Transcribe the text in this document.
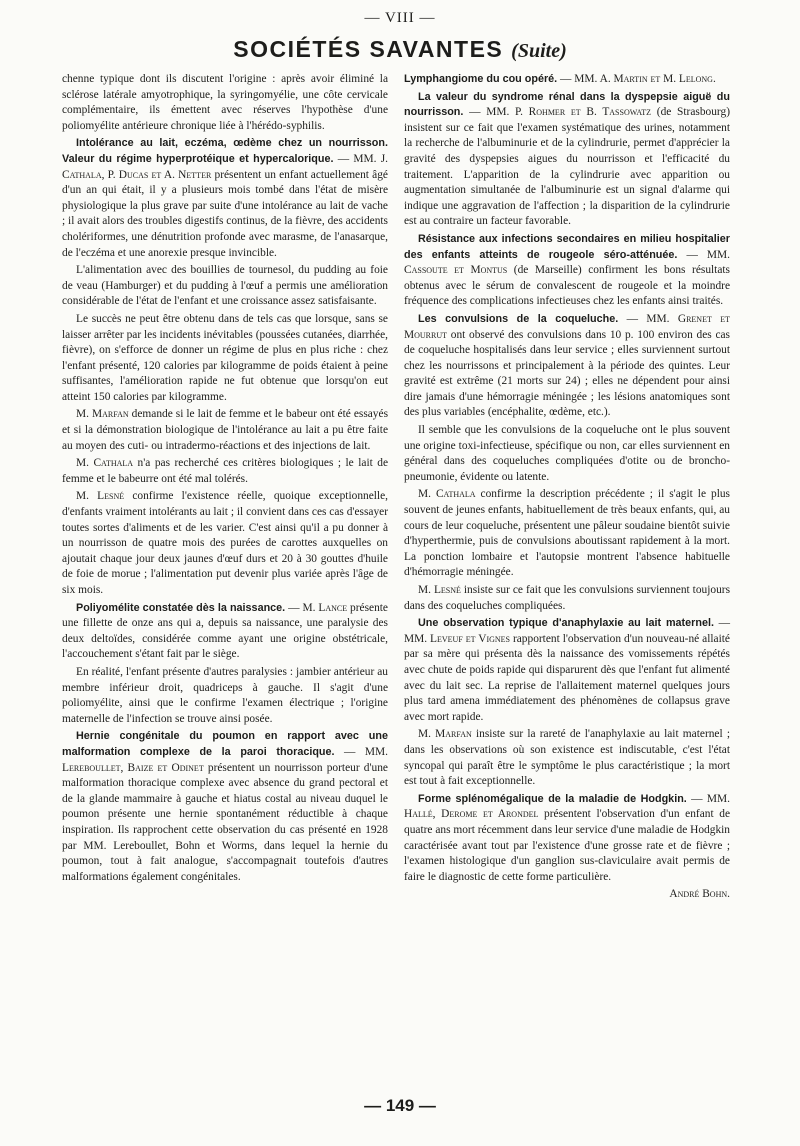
— VIII —
SOCIÉTÉS SAVANTES (Suite)

chenne typique dont ils discutent l'origine : après avoir éliminé la sclérose latérale amyotrophique, la syringomyélie, une côte cervicale complémentaire, ils émettent avec réserves l'hypothèse d'une poliomyélite antérieure chronique liée à l'hérédo-syphilis.

Intolérance au lait, eczéma, œdème chez un nourrisson. Valeur du régime hyperprotéique et hypercalorique. — MM. J. Cathala, P. Ducas et A. Netter présentent un enfant actuellement âgé d'un an qui était, il y a plusieurs mois tombé dans l'état de misère physiologique la plus grave par suite d'une intolérance au lait de vache ; il avait alors des troubles digestifs continus, de la fièvre, des accidents cholériformes, une dénutrition profonde avec marasme, de l'anasarque, de l'eczéma et une anorexie presque invincible.

L'alimentation avec des bouillies de tournesol, du pudding au foie de veau (Hamburger) et du pudding à l'œuf a permis une amélioration considérable de l'état de l'enfant et une croissance assez satisfaisante.

Le succès ne peut être obtenu dans de tels cas que lorsque, sans se laisser arrêter par les incidents inévitables (poussées cutanées, diarrhée, fièvre), on s'efforce de donner un régime de plus en plus riche : chez l'enfant présenté, 120 calories par kilogramme de poids étaient à peine suffisantes, l'amélioration rapide ne fut obtenue que lorsqu'on eut atteint 150 calories par kilogramme.

M. Marfan demande si le lait de femme et le babeur ont été essayés et si la démonstration biologique de l'intolérance au lait a pu être faite au moyen des cuti- ou intradermo-réactions et des injections de lait.

M. Cathala n'a pas recherché ces critères biologiques ; le lait de femme et le babeurre ont été mal tolérés.

M. Lesné confirme l'existence réelle, quoique exceptionnelle, d'enfants vraiment intolérants au lait ; il convient dans ces cas d'essayer toutes sortes d'aliments et de les varier. C'est ainsi qu'il a pu donner à un nourrisson de quatre mois des purées de carottes auxquelles on ajoutait chaque jour deux jaunes d'œuf durs et 20 à 30 gouttes d'huile de foie de morue ; l'alimentation put devenir plus variée après l'âge de six mois.

Poliyomélite constatée dès la naissance. — M. Lance présente une fillette de onze ans qui a, depuis sa naissance, une paralysie des deux deltoïdes, considérée comme ayant une origine obstétricale, l'accouchement s'étant fait par le siège.

En réalité, l'enfant présente d'autres paralysies : jambier antérieur au membre inférieur droit, quadriceps à gauche. Il s'agit d'une poliomyélite, ainsi que le confirme l'examen électrique ; l'origine maternelle de l'infection se trouve ainsi posée.

Hernie congénitale du poumon en rapport avec une malformation complexe de la paroi thoracique. — MM. Lereboullet, Baize et Odinet présentent un nourrisson porteur d'une malformation thoracique complexe avec absence du grand pectoral et de la glande mammaire à gauche et hiatus costal au niveau duquel le poumon présente une hernie spontanément réductible à chaque inspiration. Ils rapprochent cette observation du cas présenté en 1928 par MM. Lereboullet, Bohn et Worms, dans lequel la hernie du poumon, tout à fait analogue, s'accompagnait toutefois d'autres malformations également congénitales.

Lymphangiome du cou opéré. — MM. A. Martin et M. Lelong.

La valeur du syndrome rénal dans la dyspepsie aiguë du nourrisson. — MM. P. Rohmer et B. Tassowatz (de Strasbourg) insistent sur ce fait que l'examen systématique des urines, notamment la recherche de l'albuminurie et de la cylindrurie, permet d'apprécier la gravité des dyspepsies aigues du nourrisson et l'efficacité du traitement. L'apparition de la cylindrurie avec apparition ou augmentation simultanée de l'albuminurie est un signal d'alarme qui indique une aggravation de l'affection ; la disparition de la cylindrurie est au contraire un facteur favorable.

Résistance aux infections secondaires en milieu hospitalier des enfants atteints de rougeole séro-atténuée. — MM. Cassoute et Montus (de Marseille) confirment les bons résultats obtenus avec le sérum de convalescent de rougeole et la moindre fréquence des complications infectieuses chez les enfants ainsi traités.

Les convulsions de la coqueluche. — MM. Grenet et Mourrut ont observé des convulsions dans 10 p. 100 environ des cas de coqueluche hospitalisés dans leur service ; elles surviennent surtout chez les nourrissons et principalement à la période des quintes. Leur gravité est extrême (21 morts sur 24) ; elles ne dépendent pour ainsi dire jamais d'une hémorragie méningée ; les lésions anatomiques sont des plus variables (encéphalite, œdème, etc.).

Il semble que les convulsions de la coqueluche ont le plus souvent une origine toxi-infectieuse, spécifique ou non, car elles surviennent en général dans des coqueluches compliquées d'otite ou de broncho-pneumonie, évidente ou latente.

M. Cathala confirme la description précédente ; il s'agit le plus souvent de jeunes enfants, habituellement de très beaux enfants, qui, au cours de leur coqueluche, présentent une pâleur soudaine bientôt suivie d'hyperthermie, puis de convulsions aboutissant rapidement à la mort. La ponction lombaire et l'autopsie montrent l'absence habituelle d'hémorragie méningée.

M. Lesné insiste sur ce fait que les convulsions surviennent toujours dans des coqueluches compliquées.

Une observation typique d'anaphylaxie au lait maternel. — MM. Leveuf et Vignes rapportent l'observation d'un nouveau-né allaité par sa mère qui présenta dès la naissance des vomissements répétés avec chute de poids rapide qui disparurent dès que l'enfant fut alimenté avec du lait sec. La reprise de l'allaitement maternel quelques jours plus tard amena immédiatement des phénomènes de collapsus grave avec mort rapide.

M. Marfan insiste sur la rareté de l'anaphylaxie au lait maternel ; dans les observations où son existence est indiscutable, c'est l'état syncopal qui paraît être le symptôme le plus caractéristique ; la mort est tout à fait exceptionnelle.

Forme splénomégalique de la maladie de Hodgkin. — MM. Hallé, Derome et Arondel présentent l'observation d'un enfant de quatre ans mort récemment dans leur service d'une maladie de Hodgkin caractérisée avant tout par l'existence d'une grosse rate et de fièvre ; l'examen histologique d'un ganglion sus-claviculaire avait permis de faire le diagnostic de cette forme particulière.

André Bohn.
— 149 —
